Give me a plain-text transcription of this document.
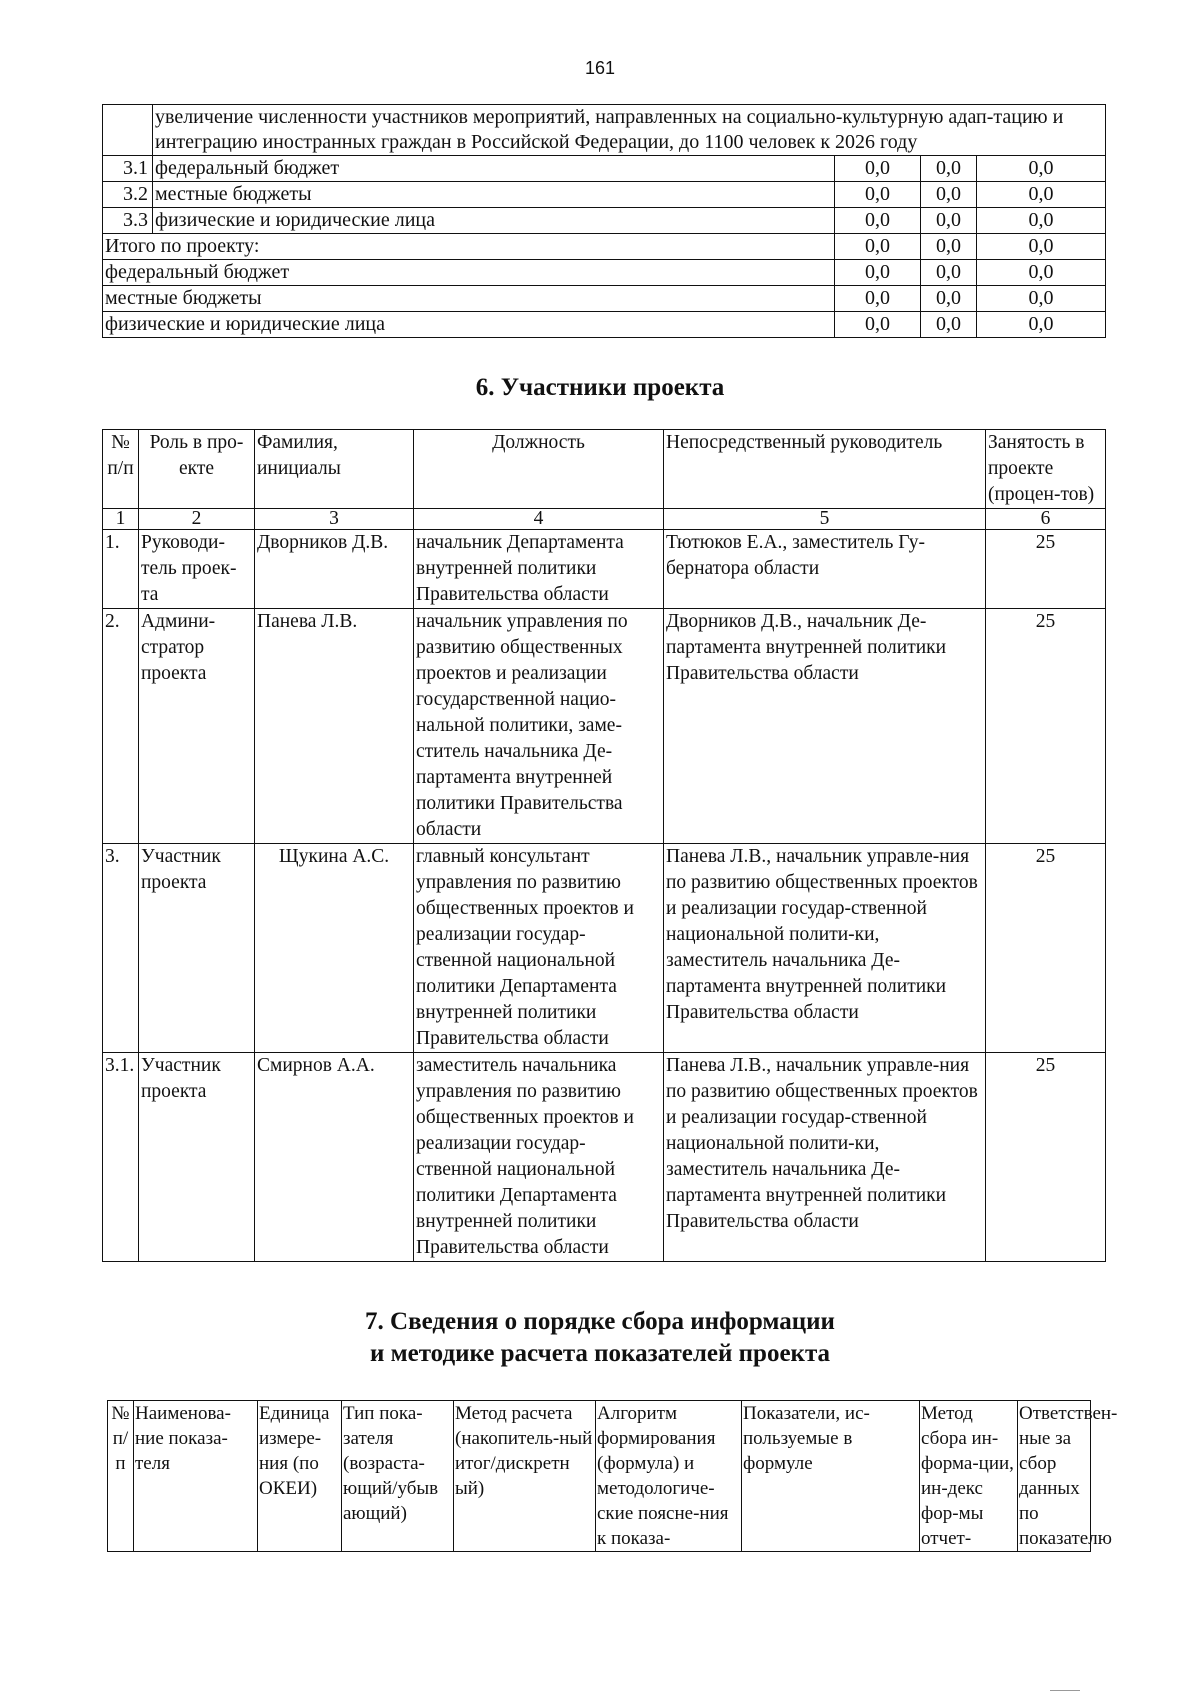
161
	увеличение численности участников мероприятий, направленных на социально-культурную адап-тацию и интеграцию иностранных граждан в Российской Федерации, до 1100 человек к 2026 году			
3.1	федеральный бюджет	0,0	0,0	0,0
3.2	местные бюджеты	0,0	0,0	0,0
3.3	физические и юридические лица	0,0	0,0	0,0
Итого по проекту:		0,0	0,0	0,0
федеральный бюджет		0,0	0,0	0,0
местные бюджеты		0,0	0,0	0,0
физические и юридические лица		0,0	0,0	0,0
6. Участники проекта
№ п/п	Роль в про-екте	Фамилия, инициалы	Должность	Непосредственный руководитель	Занятость в проекте (процен-тов)
1	2	3	4	5	6
1.	Руководи-тель проек-та	Дворников Д.В.	начальник Департамента внутренней политики Правительства области	Тютюков Е.А., заместитель Гу-бернатора области	25
2.	Админи-стратор проекта	Панева Л.В.	начальник управления по развитию общественных проектов и реализации государственной нацио-нальной политики, заме-ститель начальника Де-партамента внутренней политики Правительства области	Дворников Д.В., начальник Де-партамента внутренней политики Правительства области	25
3.	Участник проекта	Щукина А.С.	главный консультант управления по развитию общественных проектов и реализации государ-ственной национальной политики Департамента внутренней политики Правительства области	Панева Л.В., начальник управле-ния по развитию общественных проектов и реализации государ-ственной национальной полити-ки, заместитель начальника Де-партамента внутренней политики Правительства области	25
3.1.	Участник проекта	Смирнов А.А.	заместитель начальника управления по развитию общественных проектов и реализации государ-ственной национальной политики Департамента внутренней политики Правительства области	Панева Л.В., начальник управле-ния по развитию общественных проектов и реализации государ-ственной национальной полити-ки, заместитель начальника Де-партамента внутренней политики Правительства области	25
7. Сведения о порядке сбора информации
и методике расчета показателей проекта
№ п/п	Наименова-ние показа-теля	Единица измере-ния (по ОКЕИ)	Тип пока-зателя (возраста-ющий/убыв ающий)	Метод расчета (накопитель-ный итог/дискретн ый)	Алгоритм формирования (формула) и методологиче-ские поясне-ния к показа-	Показатели, ис-пользуемые в формуле	Метод сбора ин-форма-ции, ин-декс фор-мы отчет-	Ответствен-ные за сбор данных по показателю
